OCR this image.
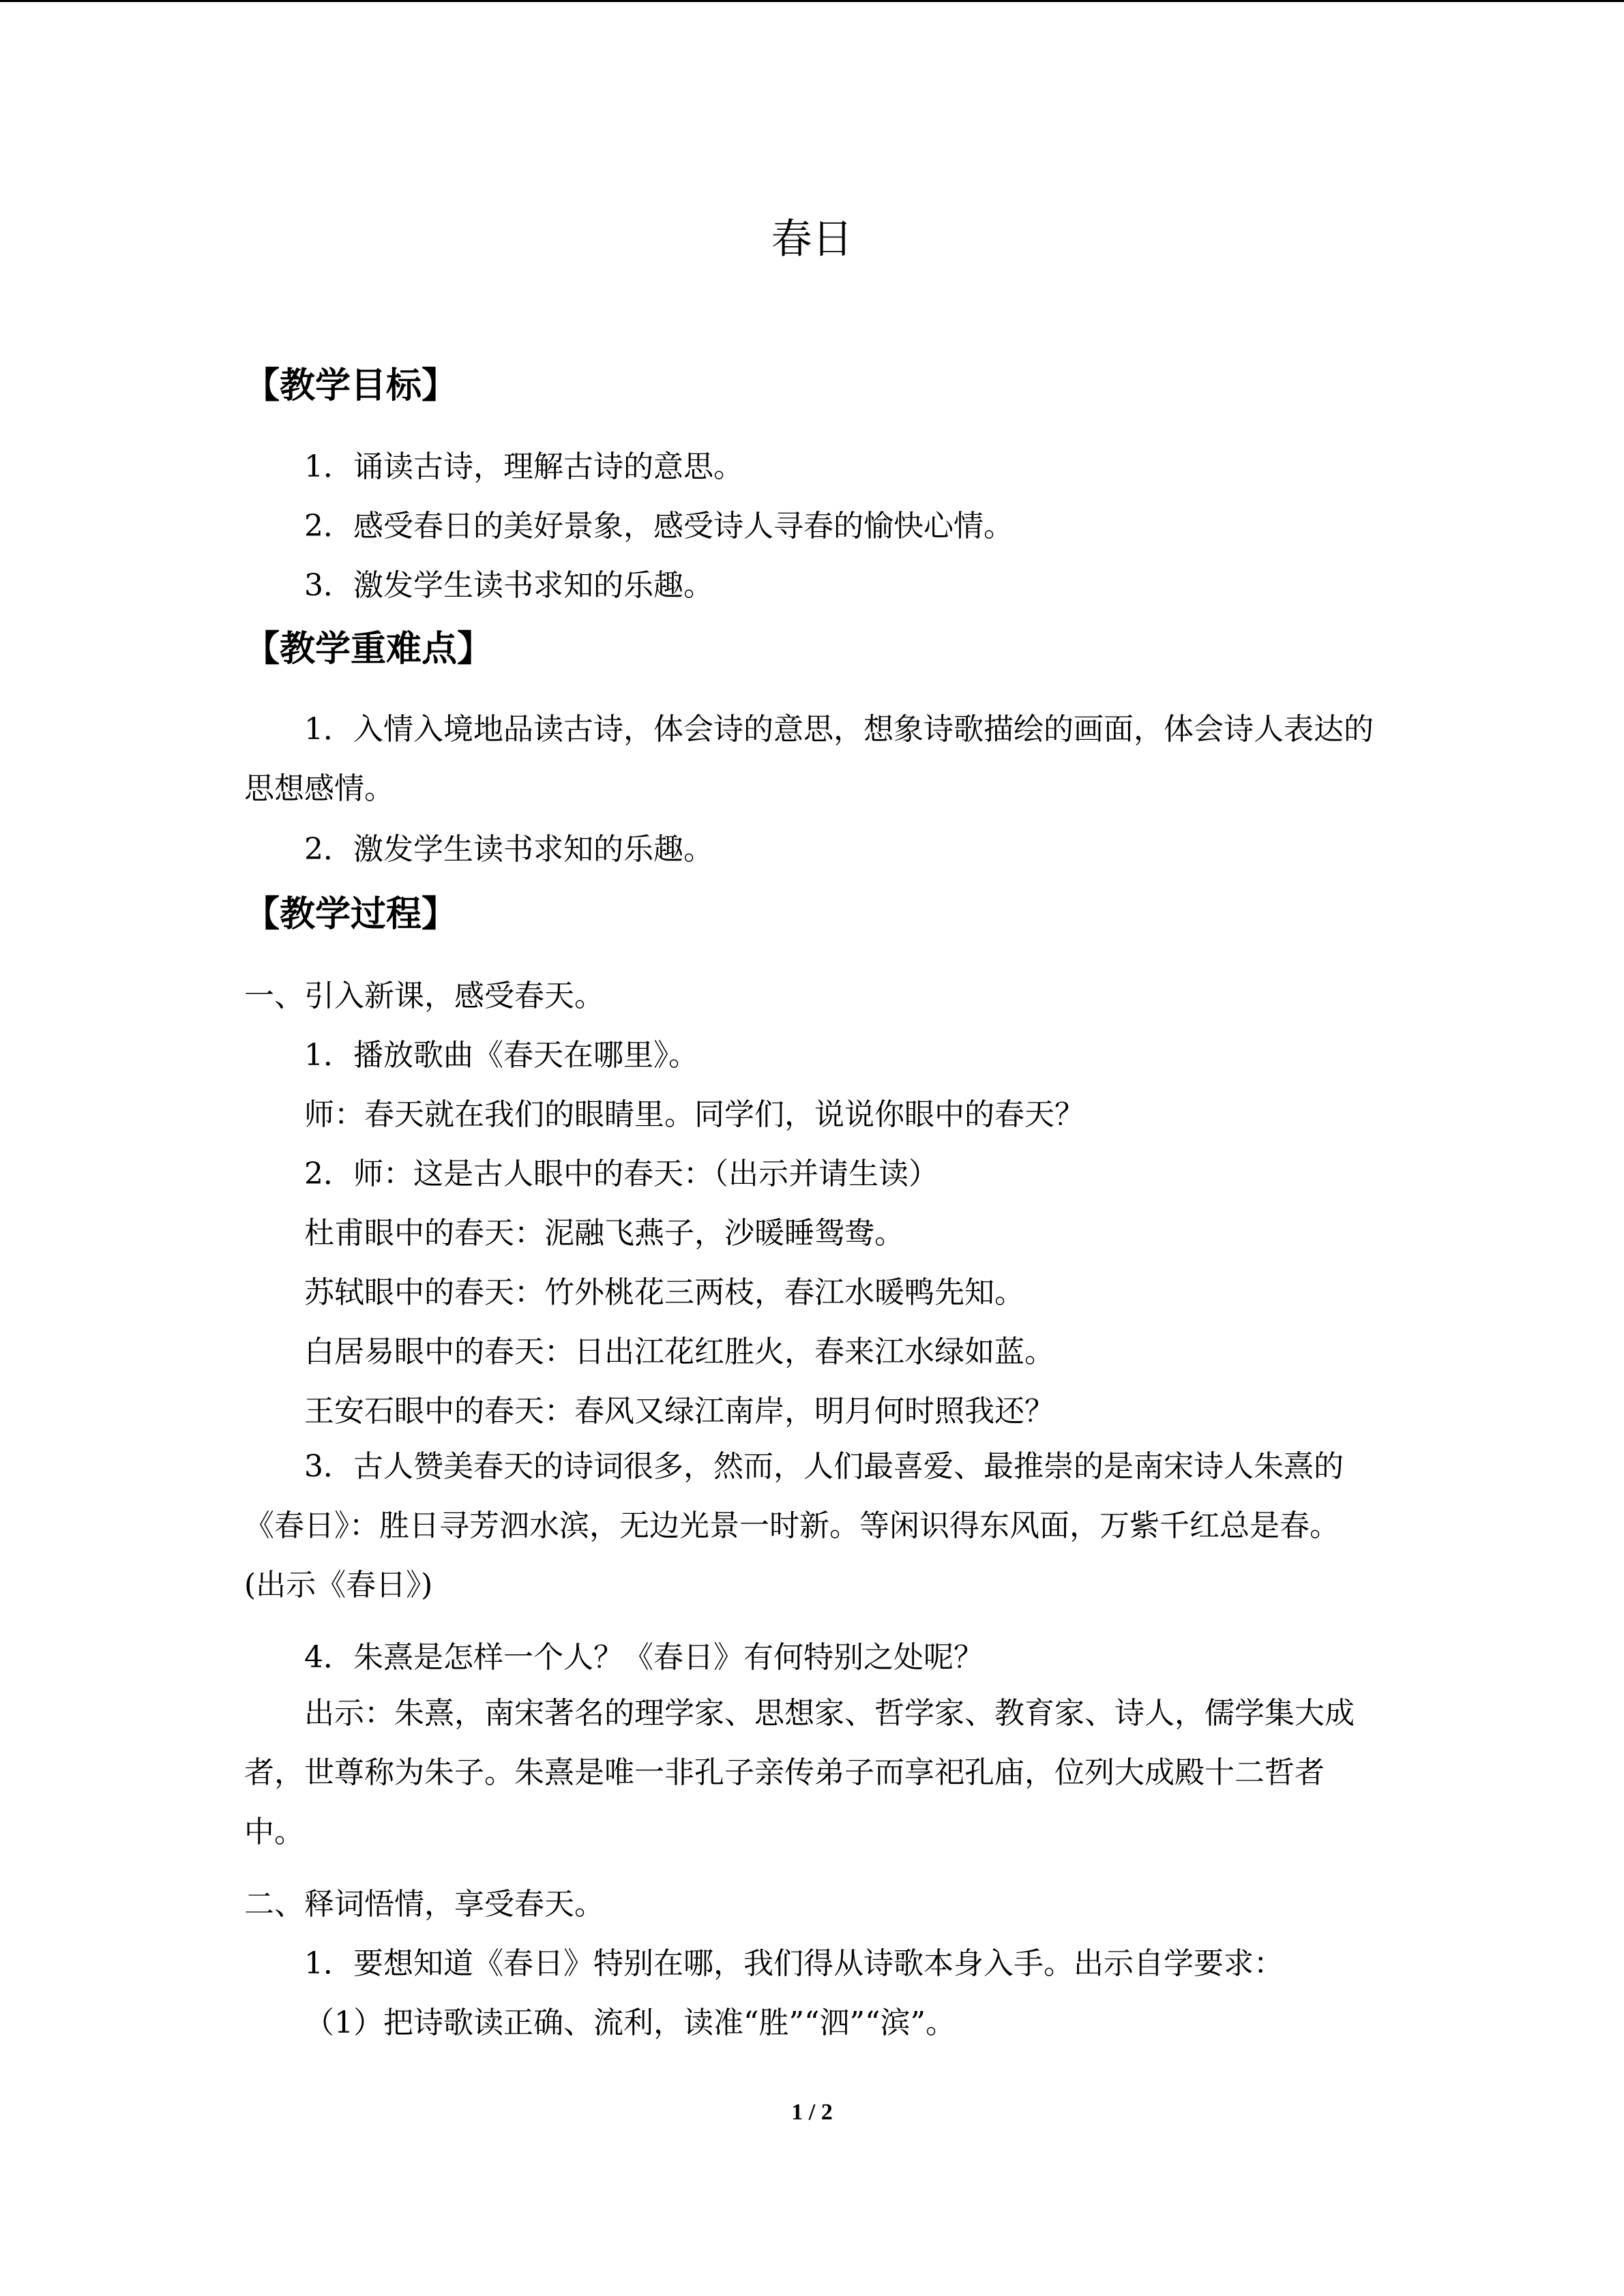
春日
【教学目标】
1．诵读古诗，理解古诗的意思。
2．感受春日的美好景象，感受诗人寻春的愉快心情。
3．激发学生读书求知的乐趣。
【教学重难点】
1．入情入境地品读古诗，体会诗的意思，想象诗歌描绘的画面，体会诗人表达的思想感情。
2．激发学生读书求知的乐趣。
【教学过程】
一、引入新课，感受春天。
1．播放歌曲《春天在哪里》。
师：春天就在我们的眼睛里。同学们，说说你眼中的春天？
2．师：这是古人眼中的春天：（出示并请生读）
杜甫眼中的春天：泥融飞燕子，沙暖睡鸳鸯。
苏轼眼中的春天：竹外桃花三两枝，春江水暖鸭先知。
白居易眼中的春天：日出江花红胜火，春来江水绿如蓝。
王安石眼中的春天：春风又绿江南岸，明月何时照我还？
3．古人赞美春天的诗词很多，然而，人们最喜爱、最推崇的是南宋诗人朱熹的《春日》：胜日寻芳泗水滨，无边光景一时新。等闲识得东风面，万紫千红总是春。(出示《春日》)
4．朱熹是怎样一个人？《春日》有何特别之处呢？
出示：朱熹，南宋著名的理学家、思想家、哲学家、教育家、诗人，儒学集大成者，世尊称为朱子。朱熹是唯一非孔子亲传弟子而享祀孔庙，位列大成殿十二哲者中。
二、释词悟情，享受春天。
1．要想知道《春日》特别在哪，我们得从诗歌本身入手。出示自学要求：
（1）把诗歌读正确、流利，读准“胜”“泗”“滨”。
1 / 2
